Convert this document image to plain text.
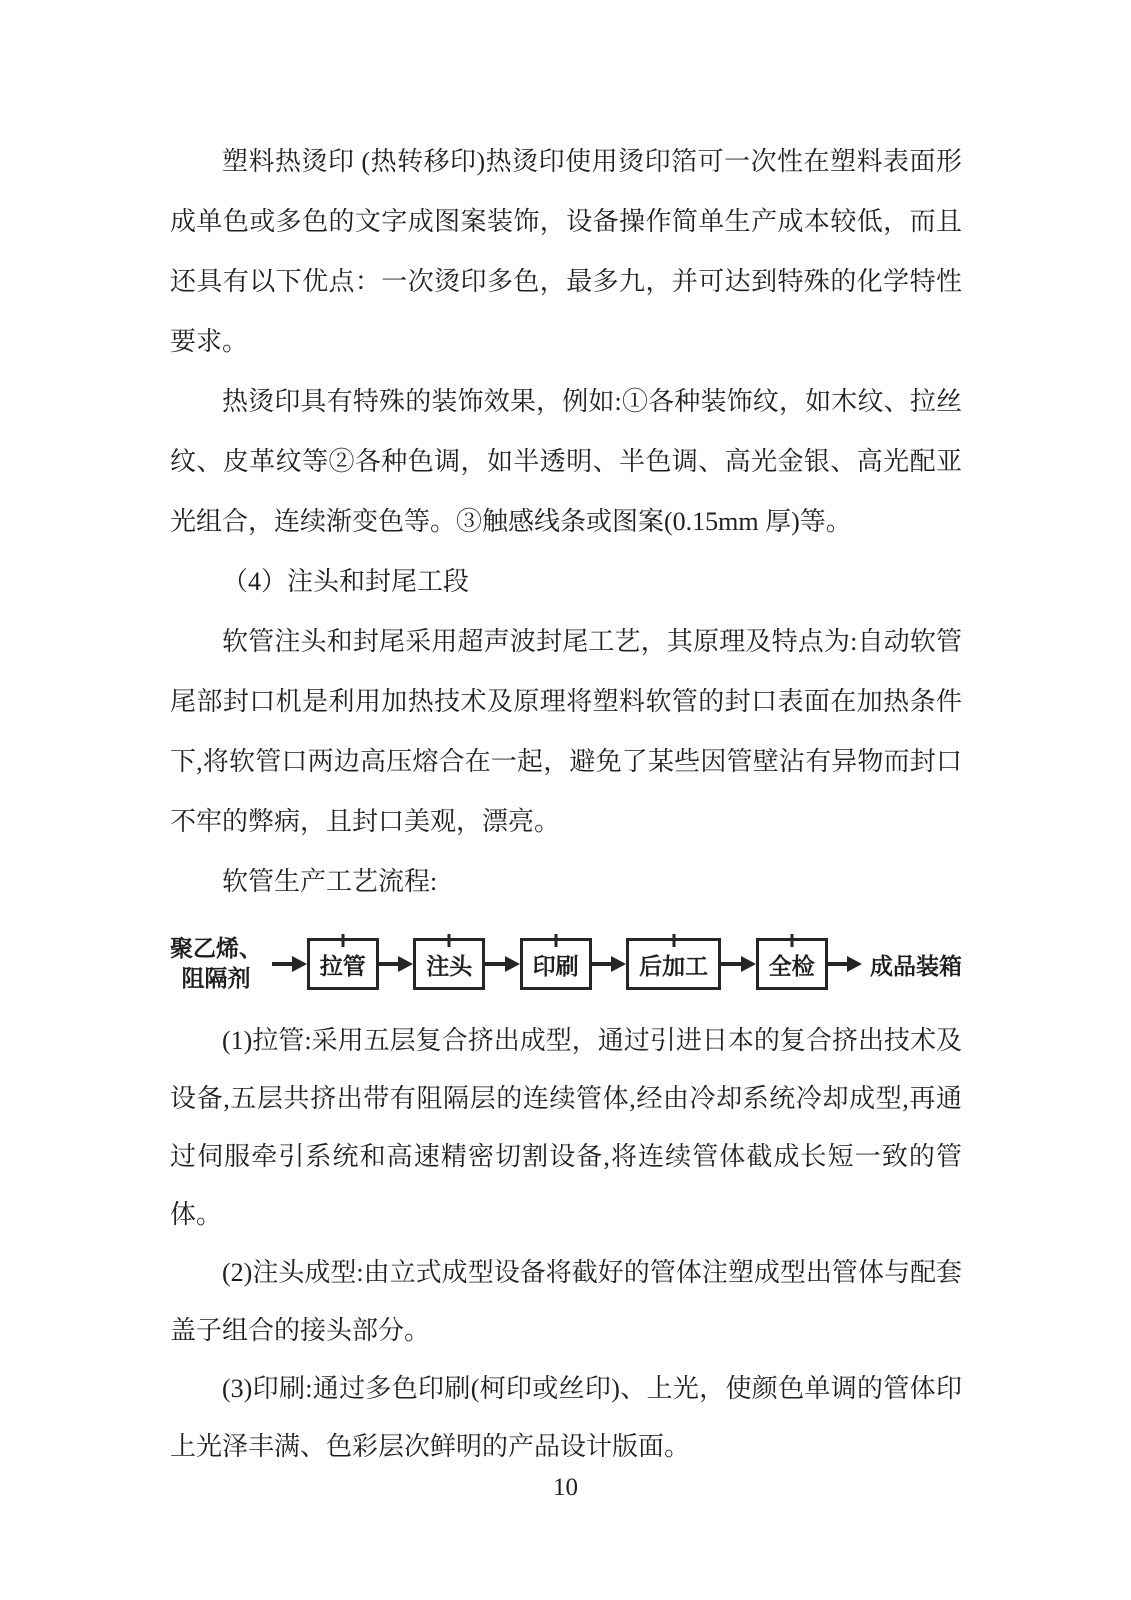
塑料热烫印 (热转移印)热烫印使用烫印箔可一次性在塑料表面形成单色或多色的文字成图案装饰，设备操作简单生产成本较低，而且还具有以下优点：一次烫印多色，最多九，并可达到特殊的化学特性要求。

热烫印具有特殊的装饰效果，例如:①各种装饰纹，如木纹、拉丝纹、皮革纹等②各种色调，如半透明、半色调、高光金银、高光配亚光组合，连续渐变色等。③触感线条或图案(0.15mm 厚)等。

（4）注头和封尾工段

软管注头和封尾采用超声波封尾工艺，其原理及特点为:自动软管尾部封口机是利用加热技术及原理将塑料软管的封口表面在加热条件下,将软管口两边高压熔合在一起，避免了某些因管壁沾有异物而封口不牢的弊病，且封口美观，漂亮。

软管生产工艺流程:

聚乙烯、
阻隔剂	拉管	注头	印刷	后加工	全检	成品装箱

(1)拉管:采用五层复合挤出成型，通过引进日本的复合挤出技术及设备,五层共挤出带有阻隔层的连续管体,经由冷却系统冷却成型,再通过伺服牵引系统和高速精密切割设备,将连续管体截成长短一致的管体。

(2)注头成型:由立式成型设备将截好的管体注塑成型出管体与配套盖子组合的接头部分。

(3)印刷:通过多色印刷(柯印或丝印)、上光，使颜色单调的管体印上光泽丰满、色彩层次鲜明的产品设计版面。

10
